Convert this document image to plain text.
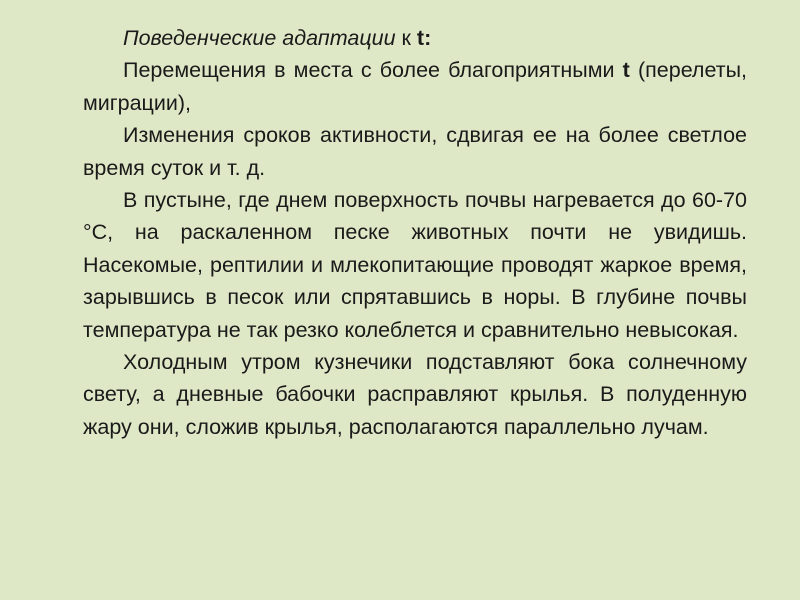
Поведенческие адаптации к t:

Перемещения в места с более благоприятными t (перелеты, миграции),

Изменения сроков активности, сдвигая ее на более светлое время суток и т. д.

В пустыне, где днем поверхность почвы нагревается до 60-70 °С, на раскаленном песке животных почти не увидишь. Насекомые, рептилии и млекопитающие проводят жаркое время, зарывшись в песок или спрятавшись в норы. В глубине почвы температура не так резко колеблется и сравнительно невысокая.

Холодным утром кузнечики подставляют бока солнечному свету, а дневные бабочки расправляют крылья. В полуденную жару они, сложив крылья, располагаются параллельно лучам.
